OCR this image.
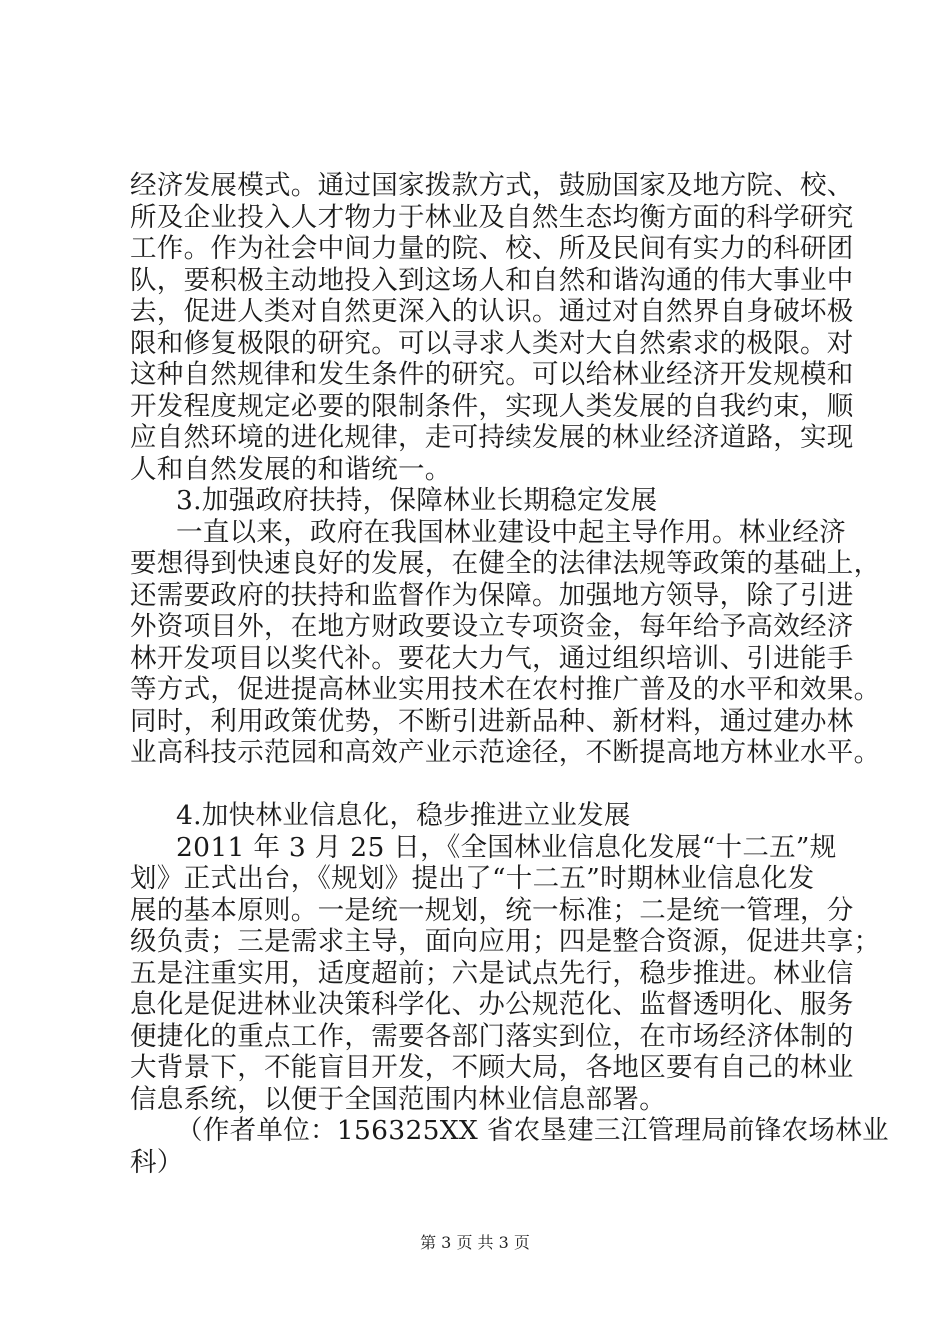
经济发展模式。通过国家拨款方式，鼓励国家及地方院、校、
所及企业投入人才物力于林业及自然生态均衡方面的科学研究
工作。作为社会中间力量的院、校、所及民间有实力的科研团
队，要积极主动地投入到这场人和自然和谐沟通的伟大事业中
去，促进人类对自然更深入的认识。通过对自然界自身破坏极
限和修复极限的研究。可以寻求人类对大自然索求的极限。对
这种自然规律和发生条件的研究。可以给林业经济开发规模和
开发程度规定必要的限制条件，实现人类发展的自我约束，顺
应自然环境的进化规律，走可持续发展的林业经济道路，实现
人和自然发展的和谐统一。
3.加强政府扶持，保障林业长期稳定发展
一直以来，政府在我国林业建设中起主导作用。林业经济
要想得到快速良好的发展，在健全的法律法规等政策的基础上，
还需要政府的扶持和监督作为保障。加强地方领导，除了引进
外资项目外，在地方财政要设立专项资金，每年给予高效经济
林开发项目以奖代补。要花大力气，通过组织培训、引进能手
等方式，促进提高林业实用技术在农村推广普及的水平和效果。
同时，利用政策优势，不断引进新品种、新材料，通过建办林
业高科技示范园和高效产业示范途径，不断提高地方林业水平。
4.加快林业信息化，稳步推进立业发展
2011 年 3 月 25 日，《全国林业信息化发展“十二五”规
划》正式出台，《规划》提出了“十二五”时期林业信息化发
展的基本原则。一是统一规划，统一标准；二是统一管理，分
级负责；三是需求主导，面向应用；四是整合资源，促进共享；
五是注重实用，适度超前；六是试点先行，稳步推进。林业信
息化是促进林业决策科学化、办公规范化、监督透明化、服务
便捷化的重点工作，需要各部门落实到位，在市场经济体制的
大背景下，不能盲目开发，不顾大局，各地区要有自己的林业
信息系统，以便于全国范围内林业信息部署。
（作者单位：156325XX 省农垦建三江管理局前锋农场林业
科）
第 3 页 共 3 页
